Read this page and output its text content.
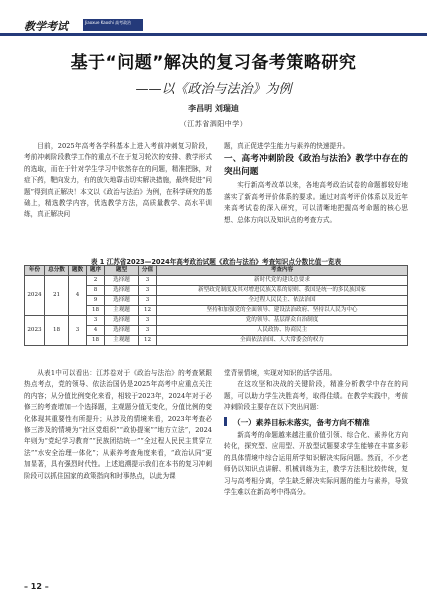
教学考试	Jiaoxue Kaoshi 高考政治
基于“问题”解决的复习备考策略研究
——以《政治与法治》为例
李昌明 刘瑞迪
（江苏省泗阳中学）

目前，2025年高考各学科基本上进入考前冲刺复习阶段，考前冲刺阶段教学工作的重点不在于复习轮次的安排、教学形式的选取，而在于针对学生学习中依然存在的问题，精准把脉，对症下药，靶向发力，有的放矢地靠击切实解决措施，最终促进“问题”得到真正解决！本文以《政治与法治》为例，在科学研究的基础上，精选教学内容，优选教学方法，高质量教学、高水平训练，真正解决问

题，真正促进学生能力与素养的快速提升。

一、高考冲刺阶段《政治与法治》教学中存在的突出问题

实行新高考改革以来，各地高考政治试卷的命题都较好地落实了新高考评价体系的要求。通过对高考评价体系以及近年来高考试卷的深入研究，可以清晰地把握高考命题的核心思想、总体方向以及知识点的考查方式。

表 1 江苏省2023—2024年高考政治试题《政治与法治》考查知识点分数比值一览表
年份	总分数	题数	题序	题型	分值	考查内容
2024	21	4	2	选择题	3	新时代党的建设总要求
			8	选择题	3	新型政党制度及其对增进民族关系的原则、我国是统一的多民族国家
			9	选择题	3	全过程人民民主、依法治国
			18	主观题	12	坚持和加强党的全面领导、建设法治政府、坚持以人民为中心
2023	18	3	3	选择题	3	党的领导、基层群众自治制度
			4	选择题	3	人民政协、协商民主
			18	主观题	12	全面依法治国、人大常委会的权力

从表1中可以看出：江苏卷对于《政治与法治》的考查紧跟热点考点，党的领导、依法治国仍是2025年高考中应重点关注的内容；从分值比例变化来看，相较于2023年，2024年对于必修三的考查增加一个选择题，主观题分值无变化，分值比例的变化体现其重要性有所提升；从涉及的情境来看，2023年考查必修三涉及的情境为“社区党组织”“政协提案”“地方立法”，2024年则为“党纪学习教育”“民族团结统一”“全过程人民民主贯穿立法”“水安全治理一体化”；从素养考查角度来看，“政治认同”更加显著，具有强烈时代性。上述追溯提示我们在本书的复习冲刺阶段可以抓住国家的政策指向和时事热点，以此为课

堂背景情境，实现对知识的活学活用。

在这攻坚和决战的关键阶段，精准分析教学中存在的问题，可以助力学生决胜高考，取得佳绩。在教学实践中，考前冲刺阶段主要存在以下突出问题：

（一）素养目标未落实，备考方向不精准

新高考的命题越来越注重价值引领、综合化、素养化方向转化，探究型、应用型、开放型试题要求学生能够在丰富多彩的具体情境中综合运用所学知识解决实际问题。然而，不少老师仍以知识点讲解、机械训练为主，教学方法相比较传统，复习与高考相分离，学生缺乏解决实际问题的能力与素养，导致学生难以在新高考中得高分。

– 12 –
